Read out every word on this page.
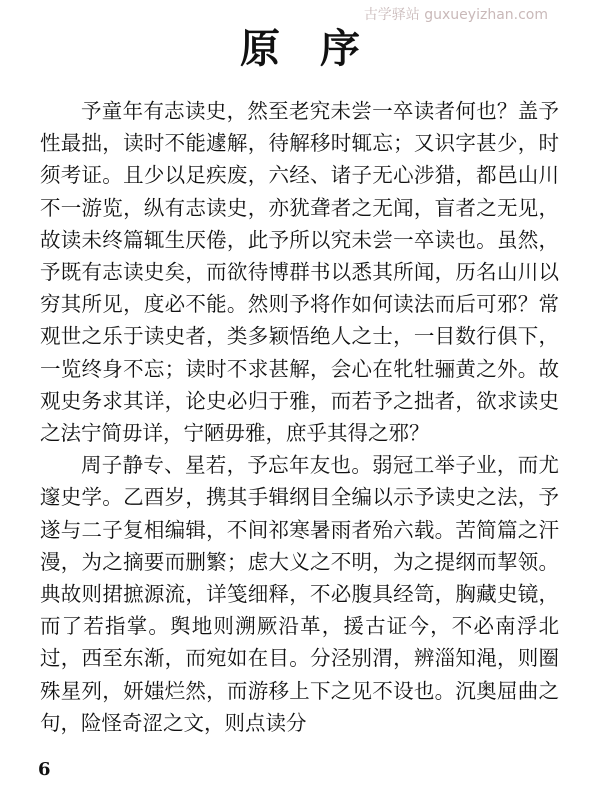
古学驿站 guxueyizhan.com
原序

予童年有志读史，然至老究未尝一卒读者何也？盖予性最拙，读时不能遽解，待解移时辄忘；又识字甚少，时须考证。且少以足疾废，六经、诸子无心涉猎，都邑山川不一游览，纵有志读史，亦犹聋者之无闻，盲者之无见，故读未终篇辄生厌倦，此予所以究未尝一卒读也。虽然，予既有志读史矣，而欲待博群书以悉其所闻，历名山川以穷其所见，度必不能。然则予将作如何读法而后可邪？常观世之乐于读史者，类多颖悟绝人之士，一目数行俱下，一览终身不忘；读时不求甚解，会心在牝牡骊黄之外。故观史务求其详，论史必归于雅，而若予之拙者，欲求读史之法宁简毋详，宁陋毋雅，庶乎其得之邪？

周子静专、星若，予忘年友也。弱冠工举子业，而尤邃史学。乙酉岁，携其手辑纲目全编以示予读史之法，予遂与二子复相编辑，不间祁寒暑雨者殆六载。苦简篇之汗漫，为之摘要而删繁；虑大义之不明，为之提纲而挈领。典故则捃摭源流，详笺细释，不必腹具经笥，胸藏史镜，而了若指掌。舆地则溯厥沿革，援古证今，不必南浮北过，西至东渐，而宛如在目。分泾别渭，辨淄知渑，则圈殊星列，妍媸烂然，而游移上下之见不设也。沉奥屈曲之句，险怪奇涩之文，则点读分

6
